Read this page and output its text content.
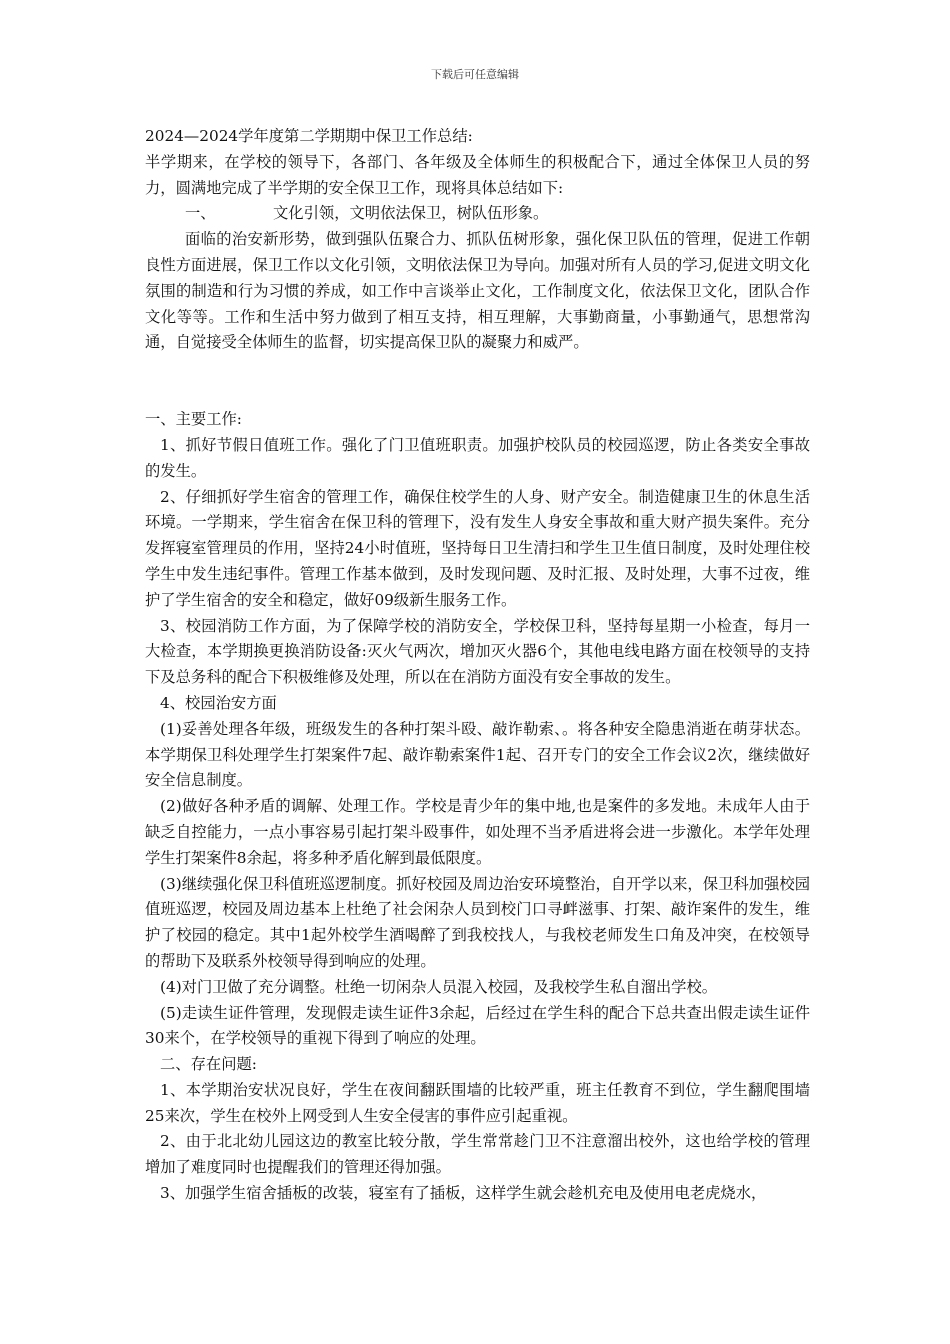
下载后可任意编辑

2024—2024学年度第二学期期中保卫工作总结:

半学期来，在学校的领导下，各部门、各年级及全体师生的积极配合下，通过全体保卫人员的努力，圆满地完成了半学期的安全保卫工作，现将具体总结如下:

一、	文化引领，文明依法保卫，树队伍形象。

面临的治安新形势，做到强队伍聚合力、抓队伍树形象，强化保卫队伍的管理，促进工作朝良性方面进展，保卫工作以文化引领，文明依法保卫为导向。加强对所有人员的学习,促进文明文化氛围的制造和行为习惯的养成，如工作中言谈举止文化，工作制度文化，依法保卫文化，团队合作文化等等。工作和生活中努力做到了相互支持，相互理解，大事勤商量，小事勤通气，思想常沟通，自觉接受全体师生的监督，切实提高保卫队的凝聚力和威严。

一、主要工作:

1、抓好节假日值班工作。强化了门卫值班职责。加强护校队员的校园巡逻，防止各类安全事故的发生。

2、仔细抓好学生宿舍的管理工作，确保住校学生的人身、财产安全。制造健康卫生的休息生活环境。一学期来，学生宿舍在保卫科的管理下，没有发生人身安全事故和重大财产损失案件。充分发挥寝室管理员的作用，坚持24小时值班，坚持每日卫生清扫和学生卫生值日制度，及时处理住校学生中发生违纪事件。管理工作基本做到，及时发现问题、及时汇报、及时处理，大事不过夜，维护了学生宿舍的安全和稳定，做好09级新生服务工作。

3、校园消防工作方面，为了保障学校的消防安全，学校保卫科，坚持每星期一小检查，每月一大检查，本学期换更换消防设备:灭火气两次，增加灭火器6个，其他电线电路方面在校领导的支持下及总务科的配合下积极维修及处理，所以在在消防方面没有安全事故的发生。

4、校园治安方面

(1)妥善处理各年级，班级发生的各种打架斗殴、敲诈勒索、。将各种安全隐患消逝在萌芽状态。本学期保卫科处理学生打架案件7起、敲诈勒索案件1起、召开专门的安全工作会议2次，继续做好安全信息制度。

(2)做好各种矛盾的调解、处理工作。学校是青少年的集中地,也是案件的多发地。未成年人由于缺乏自控能力，一点小事容易引起打架斗殴事件，如处理不当矛盾进将会进一步激化。本学年处理学生打架案件8余起，将多种矛盾化解到最低限度。

(3)继续强化保卫科值班巡逻制度。抓好校园及周边治安环境整治，自开学以来，保卫科加强校园值班巡逻，校园及周边基本上杜绝了社会闲杂人员到校门口寻衅滋事、打架、敲诈案件的发生，维护了校园的稳定。其中1起外校学生酒喝醉了到我校找人，与我校老师发生口角及冲突，在校领导的帮助下及联系外校领导得到响应的处理。

(4)对门卫做了充分调整。杜绝一切闲杂人员混入校园，及我校学生私自溜出学校。

(5)走读生证件管理，发现假走读生证件3余起，后经过在学生科的配合下总共查出假走读生证件30来个，在学校领导的重视下得到了响应的处理。

二、存在问题:

1、本学期治安状况良好，学生在夜间翻跃围墙的比较严重，班主任教育不到位，学生翻爬围墙25来次，学生在校外上网受到人生安全侵害的事件应引起重视。

2、由于北北幼儿园这边的教室比较分散，学生常常趁门卫不注意溜出校外，这也给学校的管理增加了难度同时也提醒我们的管理还得加强。

3、加强学生宿舍插板的改装，寝室有了插板，这样学生就会趁机充电及使用电老虎烧水，
